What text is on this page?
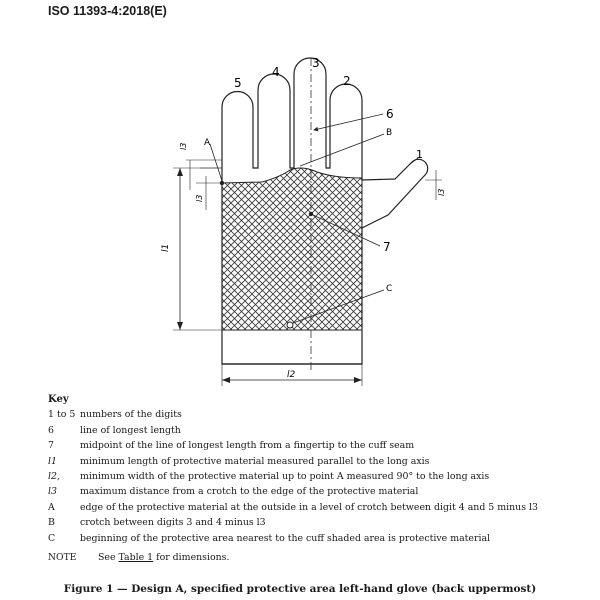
ISO 11393-4:2018(E)
1
2
3
4
5
6
7
A
B
C
l1
l2
l3
l3
l3
Key
1 to 5 numbers of the digits
6	line of longest length
7	midpoint of the line of longest length from a fingertip to the cuff seam
l1	minimum length of protective material measured parallel to the long axis
l2,	minimum width of the protective material up to point A measured 90° to the long axis
l3	maximum distance from a crotch to the edge of the protective material
A	edge of the protective material at the outside in a level of crotch between digit 4 and 5 minus l3
B	crotch between digits 3 and 4 minus l3
C	beginning of the protective area nearest to the cuff shaded area is protective material
NOTE	See Table 1 for dimensions.
Figure 1 — Design A, specified protective area left-hand glove (back uppermost)
